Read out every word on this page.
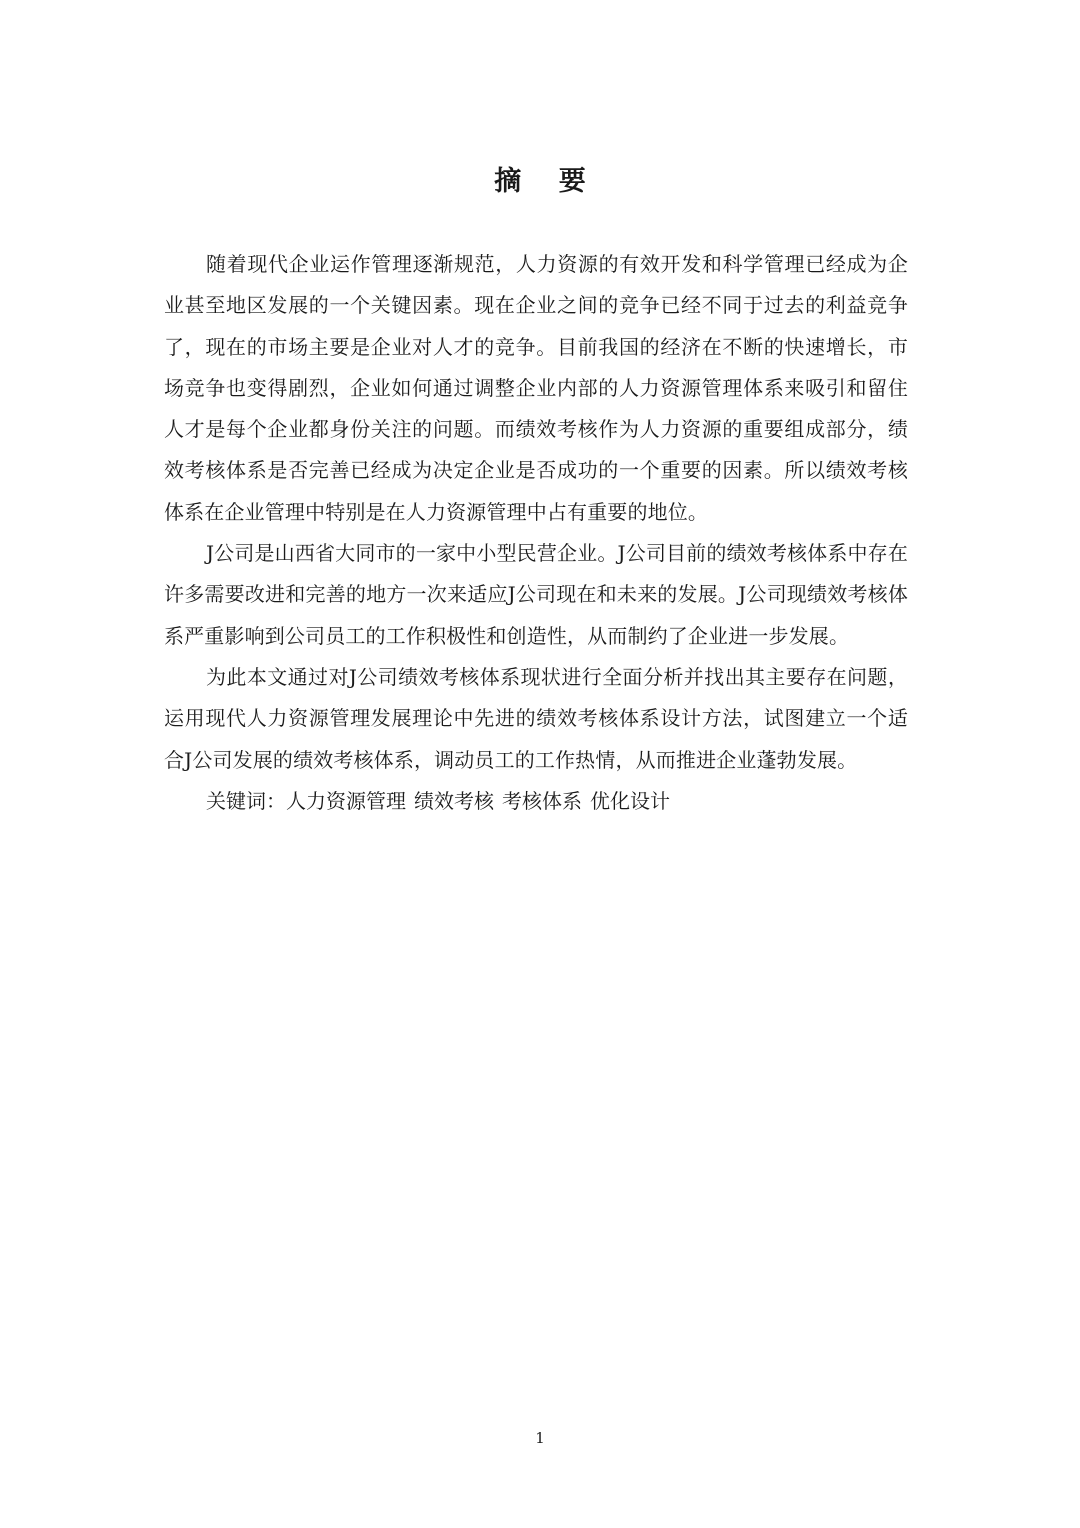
摘 要

随着现代企业运作管理逐渐规范，人力资源的有效开发和科学管理已经成为企业甚至地区发展的一个关键因素。现在企业之间的竞争已经不同于过去的利益竞争了，现在的市场主要是企业对人才的竞争。目前我国的经济在不断的快速增长，市场竞争也变得剧烈，企业如何通过调整企业内部的人力资源管理体系来吸引和留住人才是每个企业都身份关注的问题。而绩效考核作为人力资源的重要组成部分，绩效考核体系是否完善已经成为决定企业是否成功的一个重要的因素。所以绩效考核体系在企业管理中特别是在人力资源管理中占有重要的地位。

J公司是山西省大同市的一家中小型民营企业。J公司目前的绩效考核体系中存在许多需要改进和完善的地方一次来适应J公司现在和未来的发展。J公司现绩效考核体系严重影响到公司员工的工作积极性和创造性，从而制约了企业进一步发展。

为此本文通过对J公司绩效考核体系现状进行全面分析并找出其主要存在问题，运用现代人力资源管理发展理论中先进的绩效考核体系设计方法，试图建立一个适合J公司发展的绩效考核体系，调动员工的工作热情，从而推进企业蓬勃发展。

关键词：人力资源管理 绩效考核 考核体系 优化设计

1
